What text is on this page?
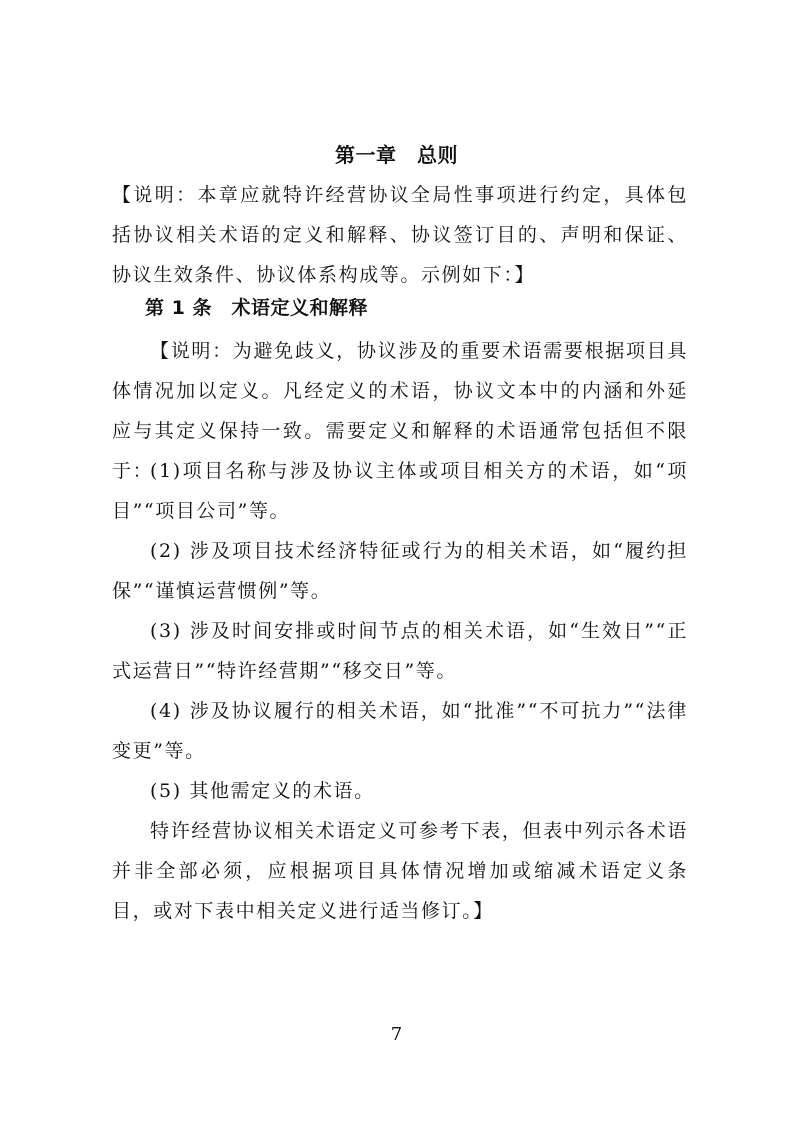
第一章　总则

【说明：本章应就特许经营协议全局性事项进行约定，具体包括协议相关术语的定义和解释、协议签订目的、声明和保证、协议生效条件、协议体系构成等。示例如下：】

第 1 条　术语定义和解释

【说明：为避免歧义，协议涉及的重要术语需要根据项目具体情况加以定义。凡经定义的术语，协议文本中的内涵和外延应与其定义保持一致。需要定义和解释的术语通常包括但不限于：

(1)项目名称与涉及协议主体或项目相关方的术语，如“项目”“项目公司”等。

(2) 涉及项目技术经济特征或行为的相关术语，如“履约担保”“谨慎运营惯例”等。

(3) 涉及时间安排或时间节点的相关术语，如“生效日”“正式运营日”“特许经营期”“移交日”等。

(4) 涉及协议履行的相关术语，如“批准”“不可抗力”“法律变更”等。

(5) 其他需定义的术语。

特许经营协议相关术语定义可参考下表，但表中列示各术语并非全部必须，应根据项目具体情况增加或缩减术语定义条目，或对下表中相关定义进行适当修订。】

7
